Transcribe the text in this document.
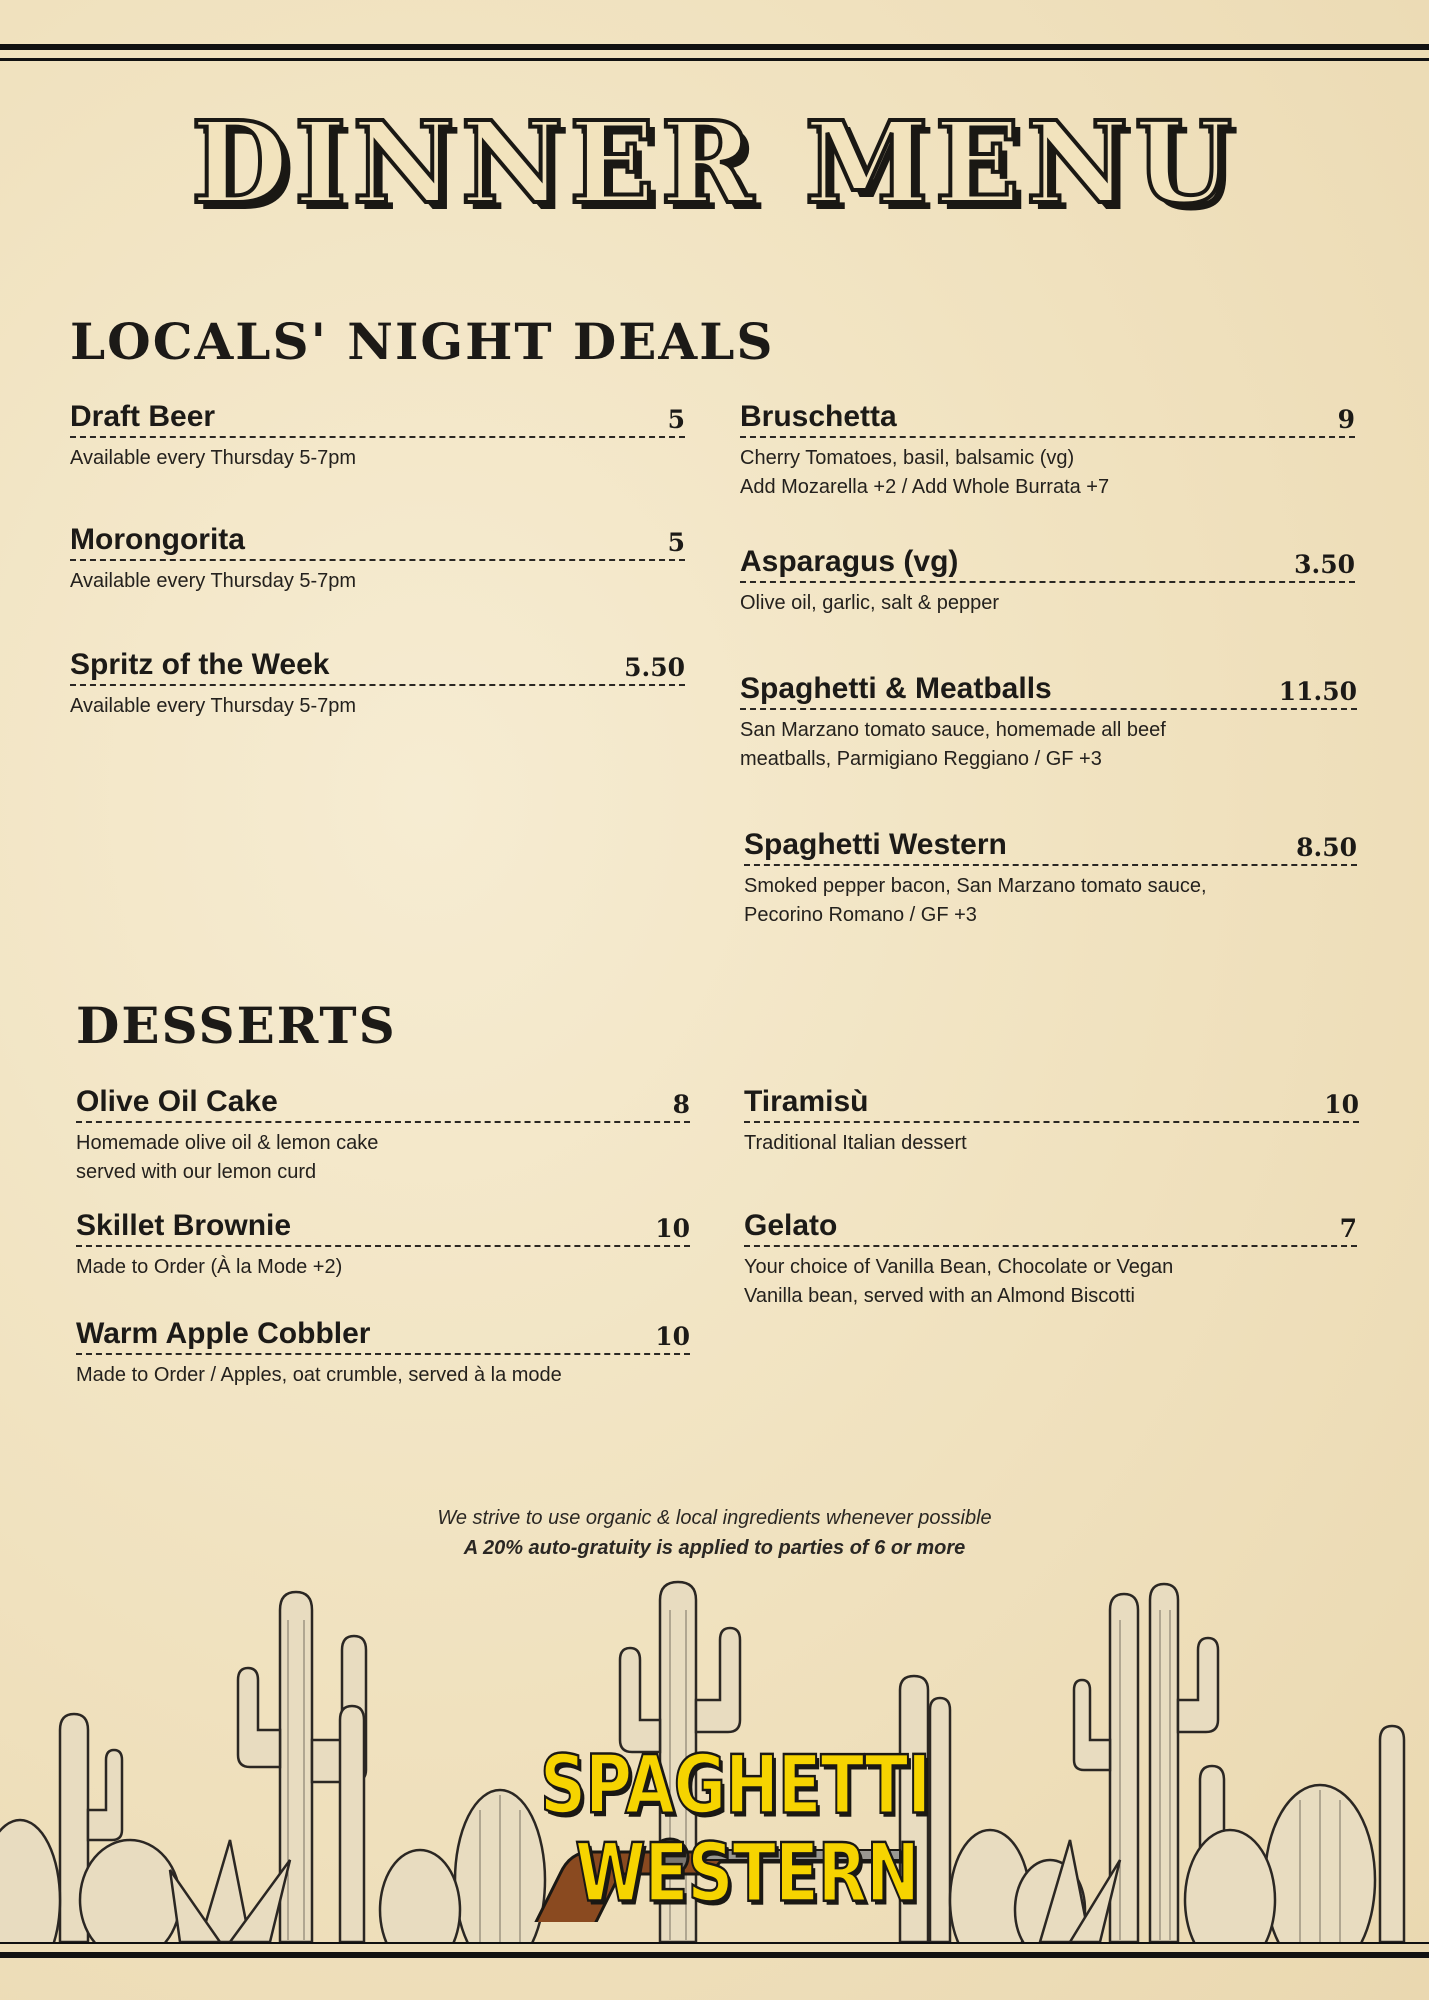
DINNER MENU
LOCALS' NIGHT DEALS
Draft Beer	5
Available every Thursday 5-7pm
Morongorita	5
Available every Thursday 5-7pm
Spritz of the Week	5.50
Available every Thursday 5-7pm
Bruschetta	9
Cherry Tomatoes, basil, balsamic (vg)
Add Mozarella +2 / Add Whole Burrata +7
Asparagus (vg)	3.50
Olive oil, garlic, salt & pepper
Spaghetti & Meatballs	11.50
San Marzano tomato sauce, homemade all beef
meatballs, Parmigiano Reggiano / GF +3
Spaghetti Western	8.50
Smoked pepper bacon, San Marzano tomato sauce,
Pecorino Romano / GF +3
DESSERTS
Olive Oil Cake	8
Homemade olive oil & lemon cake
served with our lemon curd
Skillet Brownie	10
Made to Order (À la Mode +2)
Warm Apple Cobbler	10
Made to Order / Apples, oat crumble, served à la mode
Tiramisù	10
Traditional Italian dessert
Gelato	7
Your choice of Vanilla Bean, Chocolate or Vegan
Vanilla bean, served with an Almond Biscotti
We strive to use organic & local ingredients whenever possible
A 20% auto-gratuity is applied to parties of 6 or more
SPAGHETTI
WESTERN
